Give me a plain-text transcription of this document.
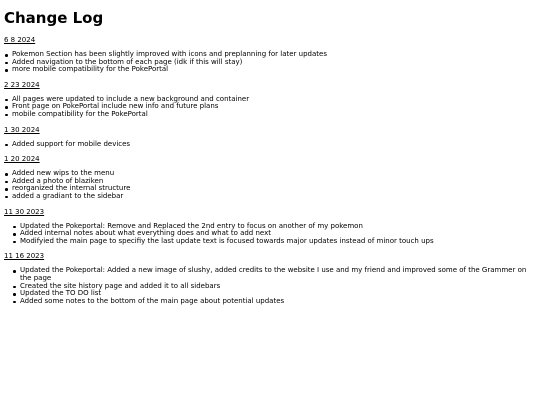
Change Log

6 8 2024

Pokemon Section has been slightly improved with icons and preplanning for later updates
Added navigation to the bottom of each page (idk if this will stay)
more mobile compatibility for the PokePortal

2 23 2024

All pages were updated to include a new background and container
Front page on PokePortal include new info and future plans
mobile compatibility for the PokePortal

1 30 2024

Added support for mobile devices

1 20 2024

Added new wips to the menu
Added a photo of blaziken
reorganized the internal structure
added a gradiant to the sidebar

11 30 2023

Updated the Pokeportal: Remove and Replaced the 2nd entry to focus on another of my pokemon
Added internal notes about what everything does and what to add next
Modifyied the main page to specifiy the last update text is focused towards major updates instead of minor touch ups

11 16 2023

Updated the Pokeportal: Added a new image of slushy, added credits to the website I use and my friend and improved some of the Grammer on the page
Created the site history page and added it to all sidebars
Updated the TO DO list
Added some notes to the bottom of the main page about potential updates
